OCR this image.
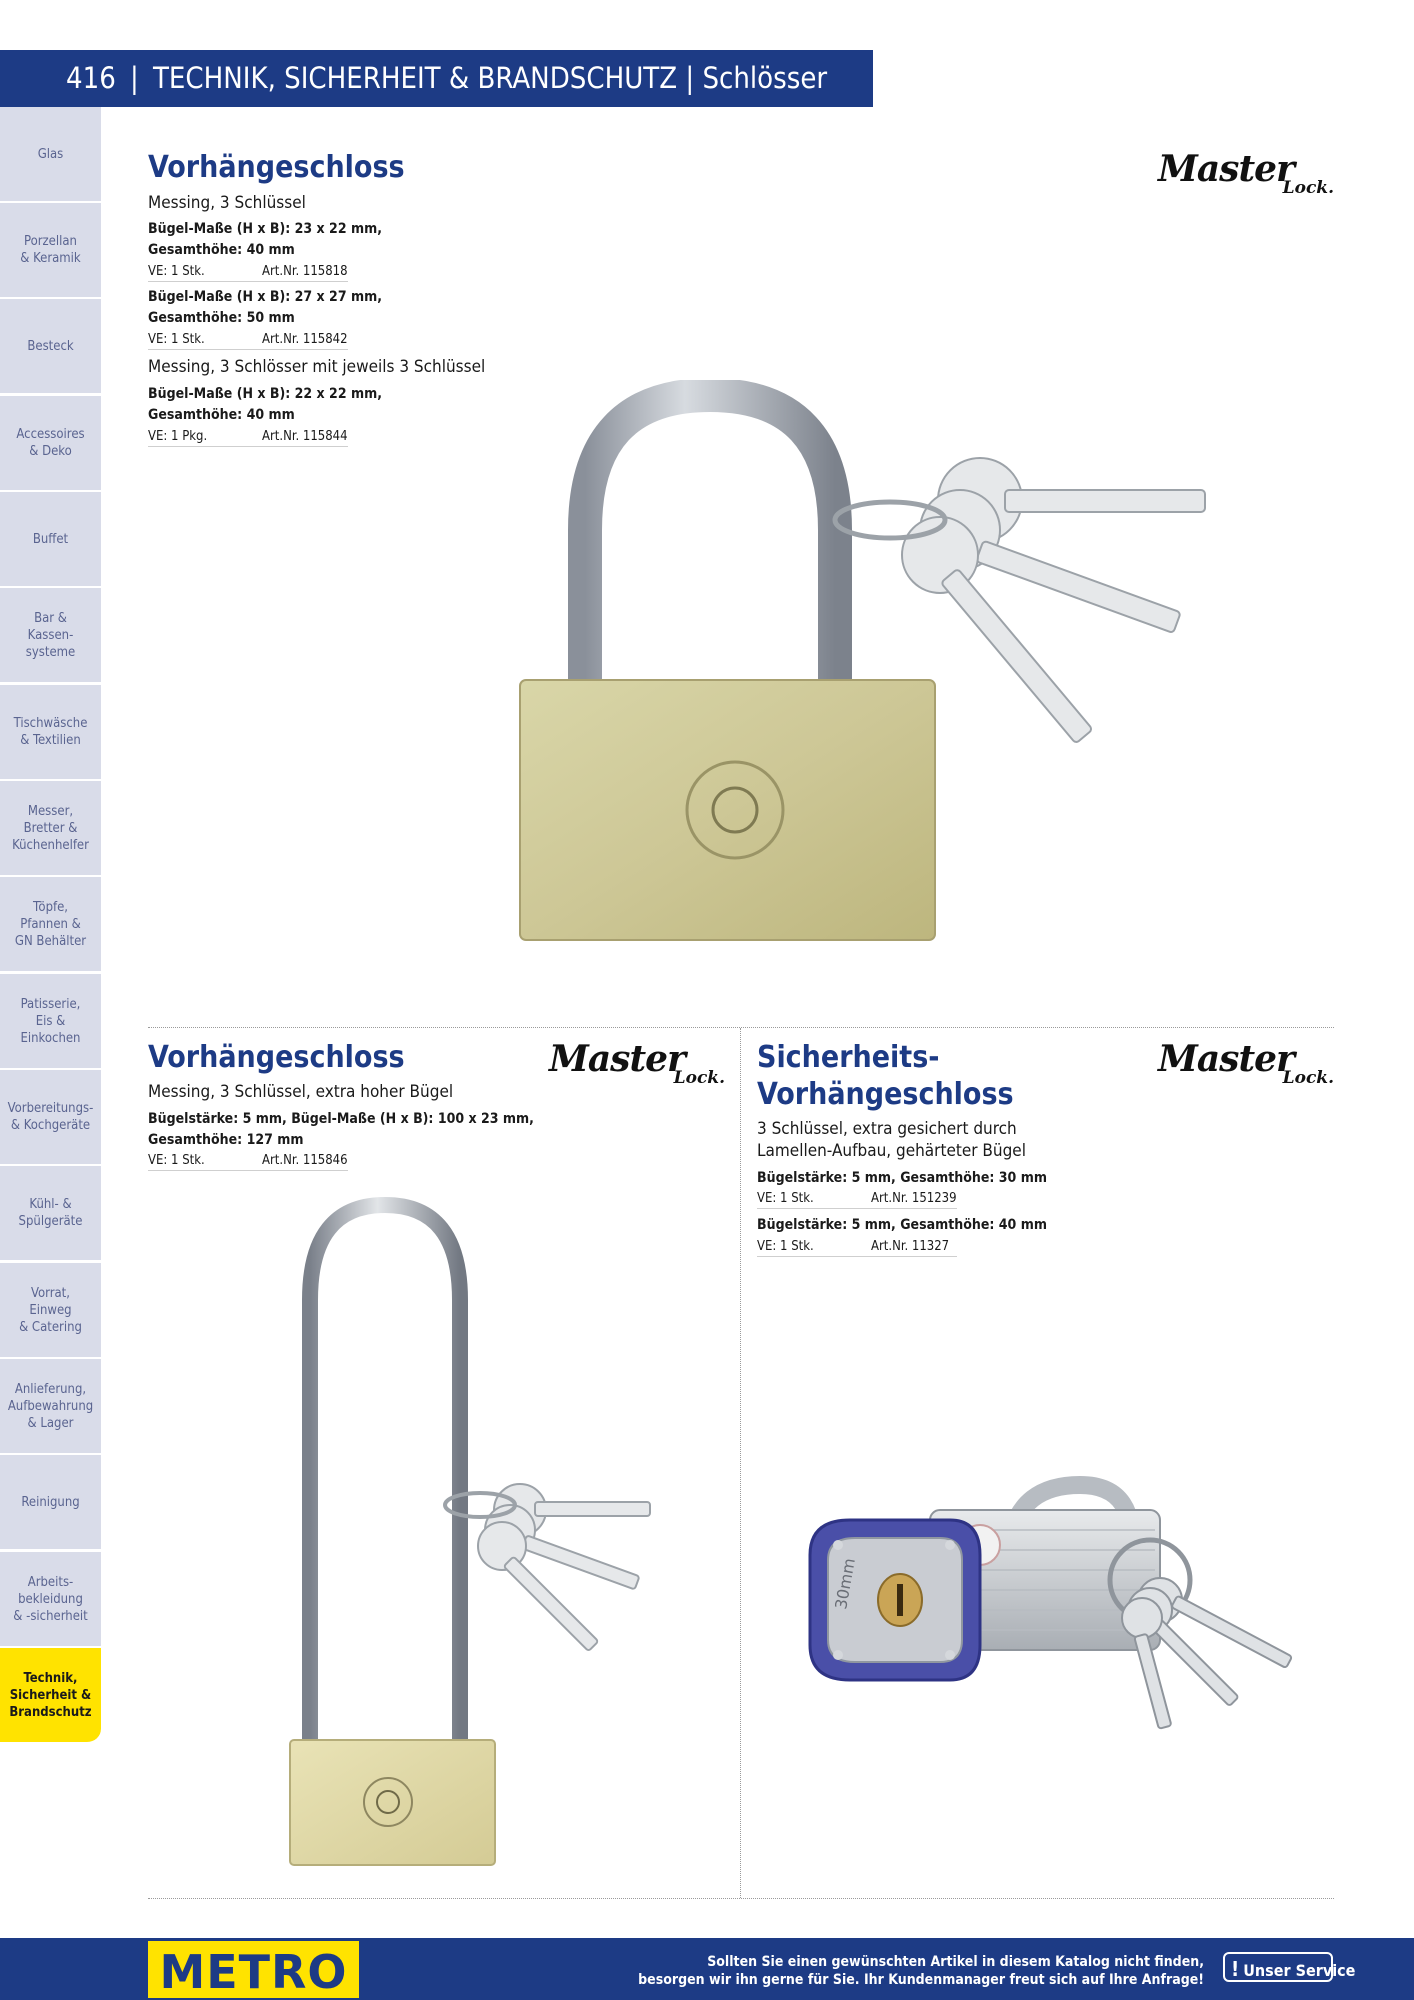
416 | TECHNIK, SICHERHEIT & BRANDSCHUTZ | Schlösser
Glas
Porzellan
& Keramik
Besteck
Accessoires
& Deko
Buffet
Bar &
Kassen-
systeme
Tischwäsche
& Textilien
Messer,
Bretter &
Küchenhelfer
Töpfe,
Pfannen &
GN Behälter
Patisserie,
Eis &
Einkochen
Vorbereitungs-
& Kochgeräte
Kühl- &
Spülgeräte
Vorrat,
Einweg
& Catering
Anlieferung,
Aufbewahrung
& Lager
Reinigung
Arbeits-
bekleidung
& -sicherheit
Technik,
Sicherheit &
Brandschutz
Vorhängeschloss
Messing, 3 Schlüssel
Bügel-Maße (H x B): 23 x 22 mm,
Gesamthöhe: 40 mm
VE: 1 Stk.	Art.Nr. 115818
Bügel-Maße (H x B): 27 x 27 mm,
Gesamthöhe: 50 mm
VE: 1 Stk.	Art.Nr. 115842
Messing, 3 Schlösser mit jeweils 3 Schlüssel
Bügel-Maße (H x B): 22 x 22 mm,
Gesamthöhe: 40 mm
VE: 1 Pkg.	Art.Nr. 115844
Master
Lock.
Vorhängeschloss
Messing, 3 Schlüssel, extra hoher Bügel
Bügelstärke: 5 mm, Bügel-Maße (H x B): 100 x 23 mm,
Gesamthöhe: 127 mm
VE: 1 Stk.	Art.Nr. 115846
Master
Lock.
Sicherheits-
Vorhängeschloss
3 Schlüssel, extra gesichert durch
Lamellen-Aufbau, gehärteter Bügel
Bügelstärke: 5 mm, Gesamthöhe: 30 mm
VE: 1 Stk.	Art.Nr. 151239
Bügelstärke: 5 mm, Gesamthöhe: 40 mm
VE: 1 Stk.	Art.Nr. 11327
Master
Lock.
30mm
METRO	Sollten Sie einen gewünschten Artikel in diesem Katalog nicht finden,
besorgen wir ihn gerne für Sie. Ihr Kundenmanager freut sich auf Ihre Anfrage!	! Unser Service
